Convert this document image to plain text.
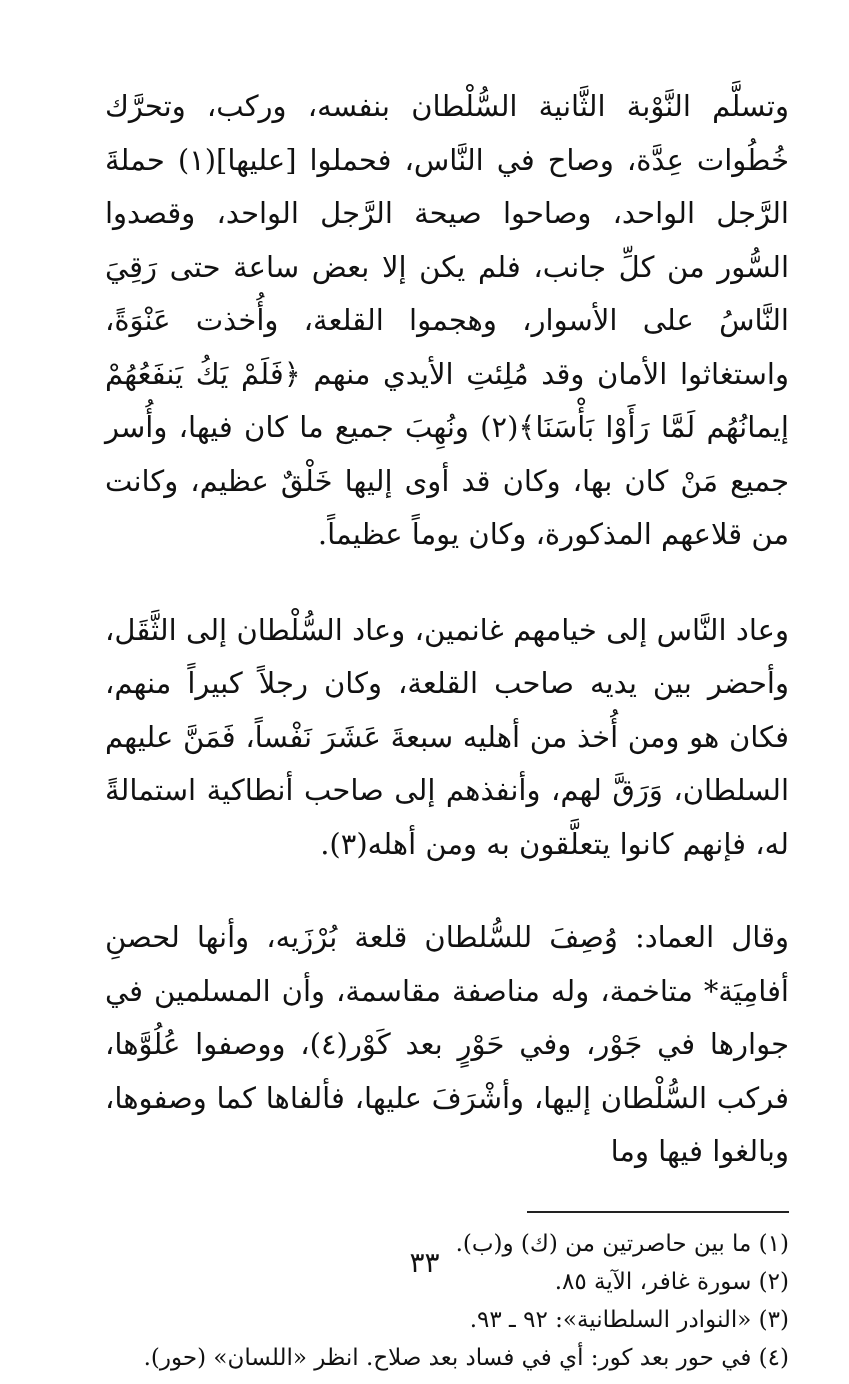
وتسلَّم النَّوْبة الثَّانية السُّلْطان بنفسه، وركب، وتحرَّك خُطُوات عِدَّة، وصاح في النَّاس، فحملوا [عليها](١) حملةَ الرَّجل الواحد، وصاحوا صيحة الرَّجل الواحد، وقصدوا السُّور من كلِّ جانب، فلم يكن إلا بعض ساعة حتى رَقِيَ النَّاسُ على الأسوار، وهجموا القلعة، وأُخذت عَنْوَةً، واستغاثوا الأمان وقد مُلِئتِ الأيدي منهم ﴿فَلَمْ يَكُ يَنفَعُهُمْ إيمانُهُم لَمَّا رَأَوْا بَأْسَنَا﴾(٢) ونُهِبَ جميع ما كان فيها، وأُسر جميع مَنْ كان بها، وكان قد أوى إليها خَلْقٌ عظيم، وكانت من قلاعهم المذكورة، وكان يوماً عظيماً.

وعاد النَّاس إلى خيامهم غانمين، وعاد السُّلْطان إلى الثَّقَل، وأحضر بين يديه صاحب القلعة، وكان رجلاً كبيراً منهم، فكان هو ومن أُخذ من أهليه سبعةَ عَشَرَ نَفْساً، فَمَنَّ عليهم السلطان، وَرَقَّ لهم، وأنفذهم إلى صاحب أنطاكية استمالةً له، فإنهم كانوا يتعلَّقون به ومن أهله(٣).

وقال العماد: وُصِفَ للسُّلطان قلعة بُرْزَيه، وأنها لحصنِ أفامِيَة* متاخمة، وله مناصفة مقاسمة، وأن المسلمين في جوارها في جَوْر، وفي حَوْرٍ بعد كَوْر(٤)، ووصفوا عُلُوَّها، فركب السُّلْطان إليها، وأشْرَفَ عليها، فألفاها كما وصفوها، وبالغوا فيها وما

(١) ما بين حاصرتين من (ك) و(ب).

(٢) سورة غافر، الآية ٨٥.

(٣) «النوادر السلطانية»: ٩٢ ـ ٩٣.

(٤) في حور بعد كور: أي في فساد بعد صلاح. انظر «اللسان» (حور).

٣٣
